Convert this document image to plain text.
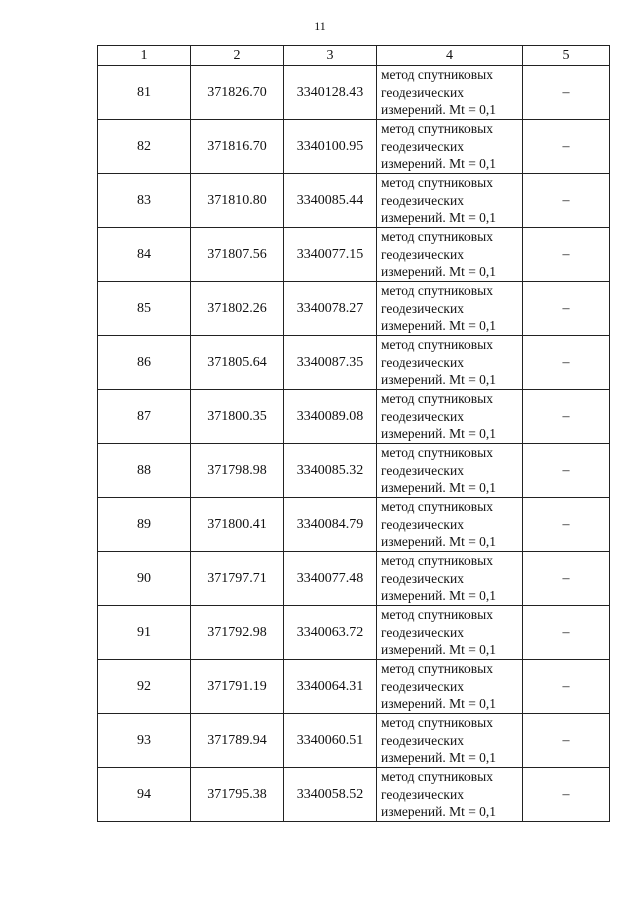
11
1	2	3	4	5
81	371826.70	3340128.43	метод спутниковых
геодезических
измерений. Mt = 0,1	–
82	371816.70	3340100.95	метод спутниковых
геодезических
измерений. Mt = 0,1	–
83	371810.80	3340085.44	метод спутниковых
геодезических
измерений. Mt = 0,1	–
84	371807.56	3340077.15	метод спутниковых
геодезических
измерений. Mt = 0,1	–
85	371802.26	3340078.27	метод спутниковых
геодезических
измерений. Mt = 0,1	–
86	371805.64	3340087.35	метод спутниковых
геодезических
измерений. Mt = 0,1	–
87	371800.35	3340089.08	метод спутниковых
геодезических
измерений. Mt = 0,1	–
88	371798.98	3340085.32	метод спутниковых
геодезических
измерений. Mt = 0,1	–
89	371800.41	3340084.79	метод спутниковых
геодезических
измерений. Mt = 0,1	–
90	371797.71	3340077.48	метод спутниковых
геодезических
измерений. Mt = 0,1	–
91	371792.98	3340063.72	метод спутниковых
геодезических
измерений. Mt = 0,1	–
92	371791.19	3340064.31	метод спутниковых
геодезических
измерений. Mt = 0,1	–
93	371789.94	3340060.51	метод спутниковых
геодезических
измерений. Mt = 0,1	–
94	371795.38	3340058.52	метод спутниковых
геодезических
измерений. Mt = 0,1	–
